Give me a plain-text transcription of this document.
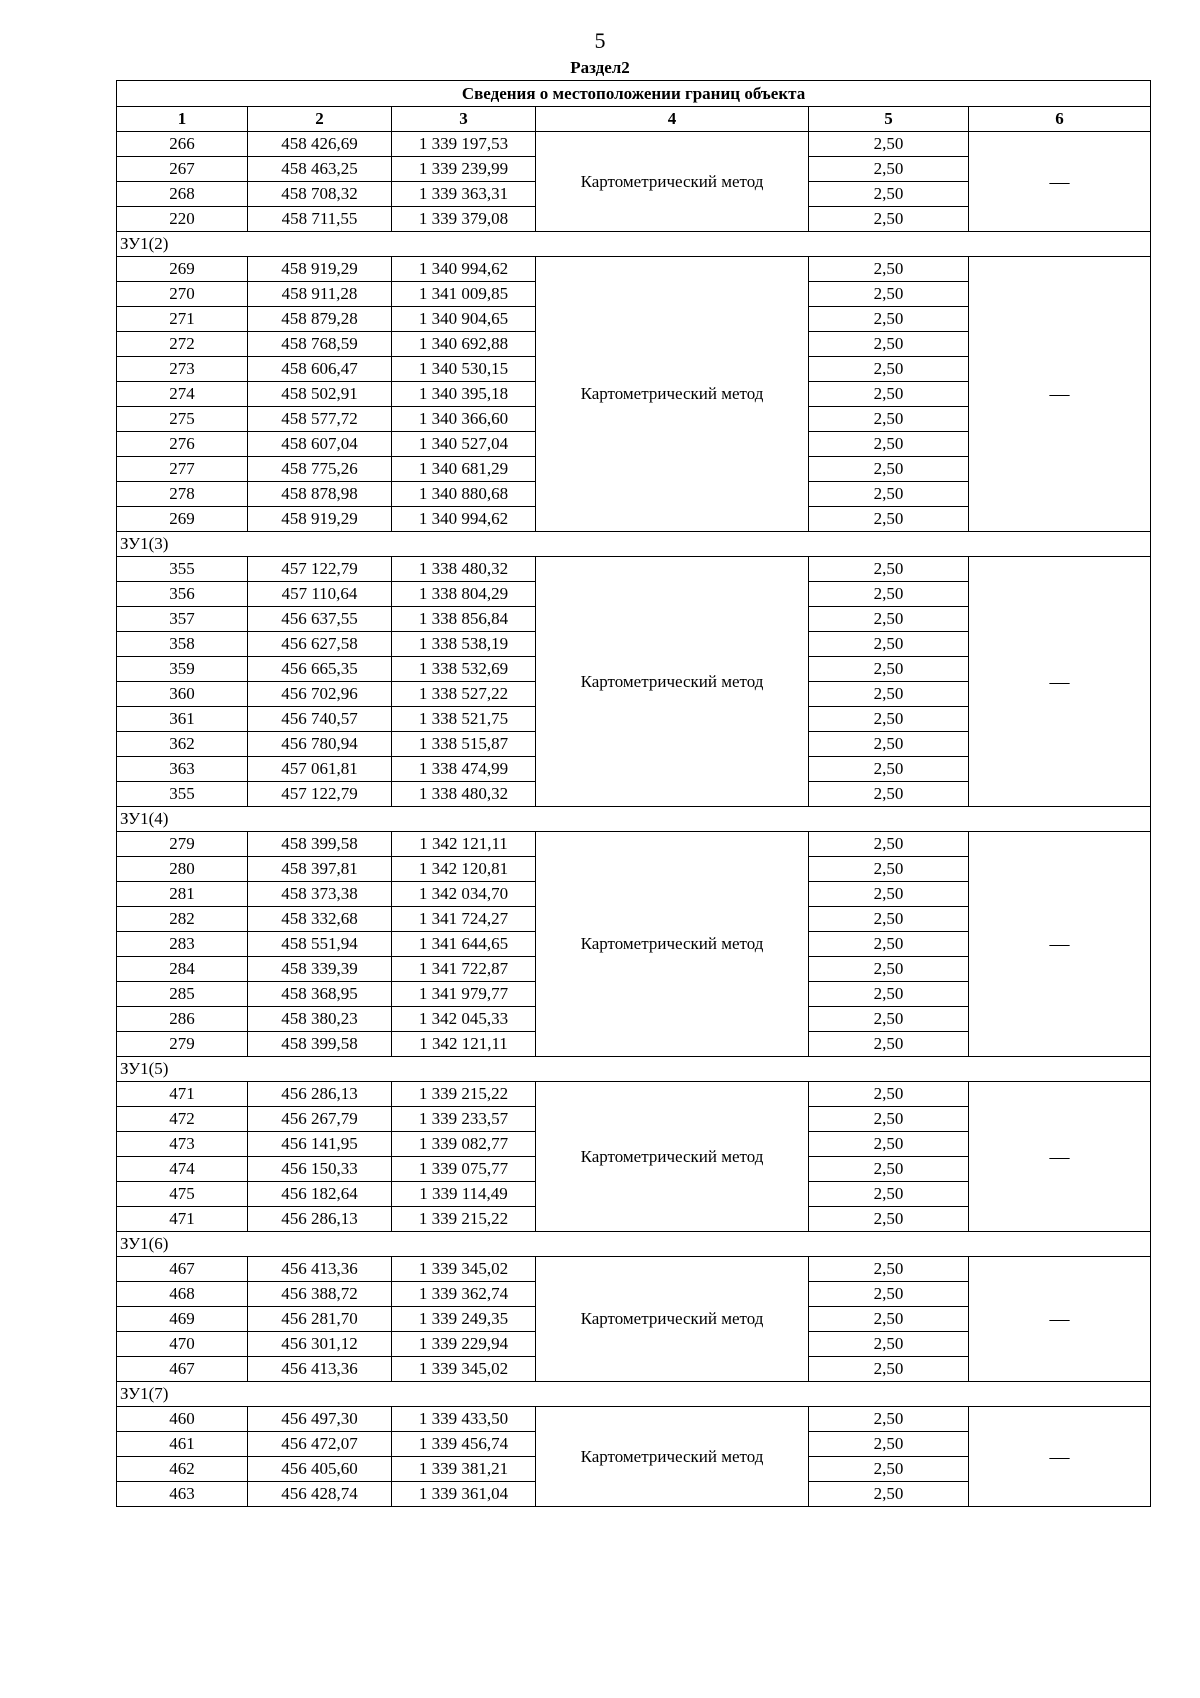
5
Раздел2
Сведения о местоположении границ объекта					
1	2	3	4	5	6
266	458 426,69	1 339 197,53	Картометрический метод	2,50	—
267	458 463,25	1 339 239,99		2,50	
268	458 708,32	1 339 363,31		2,50	
220	458 711,55	1 339 379,08		2,50	
ЗУ1(2)					
269	458 919,29	1 340 994,62	Картометрический метод	2,50	—
270	458 911,28	1 341 009,85		2,50	
271	458 879,28	1 340 904,65		2,50	
272	458 768,59	1 340 692,88		2,50	
273	458 606,47	1 340 530,15		2,50	
274	458 502,91	1 340 395,18		2,50	
275	458 577,72	1 340 366,60		2,50	
276	458 607,04	1 340 527,04		2,50	
277	458 775,26	1 340 681,29		2,50	
278	458 878,98	1 340 880,68		2,50	
269	458 919,29	1 340 994,62		2,50	
ЗУ1(3)					
355	457 122,79	1 338 480,32	Картометрический метод	2,50	—
356	457 110,64	1 338 804,29		2,50	
357	456 637,55	1 338 856,84		2,50	
358	456 627,58	1 338 538,19		2,50	
359	456 665,35	1 338 532,69		2,50	
360	456 702,96	1 338 527,22		2,50	
361	456 740,57	1 338 521,75		2,50	
362	456 780,94	1 338 515,87		2,50	
363	457 061,81	1 338 474,99		2,50	
355	457 122,79	1 338 480,32		2,50	
ЗУ1(4)					
279	458 399,58	1 342 121,11	Картометрический метод	2,50	—
280	458 397,81	1 342 120,81		2,50	
281	458 373,38	1 342 034,70		2,50	
282	458 332,68	1 341 724,27		2,50	
283	458 551,94	1 341 644,65		2,50	
284	458 339,39	1 341 722,87		2,50	
285	458 368,95	1 341 979,77		2,50	
286	458 380,23	1 342 045,33		2,50	
279	458 399,58	1 342 121,11		2,50	
ЗУ1(5)					
471	456 286,13	1 339 215,22	Картометрический метод	2,50	—
472	456 267,79	1 339 233,57		2,50	
473	456 141,95	1 339 082,77		2,50	
474	456 150,33	1 339 075,77		2,50	
475	456 182,64	1 339 114,49		2,50	
471	456 286,13	1 339 215,22		2,50	
ЗУ1(6)					
467	456 413,36	1 339 345,02	Картометрический метод	2,50	—
468	456 388,72	1 339 362,74		2,50	
469	456 281,70	1 339 249,35		2,50	
470	456 301,12	1 339 229,94		2,50	
467	456 413,36	1 339 345,02		2,50	
ЗУ1(7)					
460	456 497,30	1 339 433,50	Картометрический метод	2,50	—
461	456 472,07	1 339 456,74		2,50	
462	456 405,60	1 339 381,21		2,50	
463	456 428,74	1 339 361,04		2,50	
